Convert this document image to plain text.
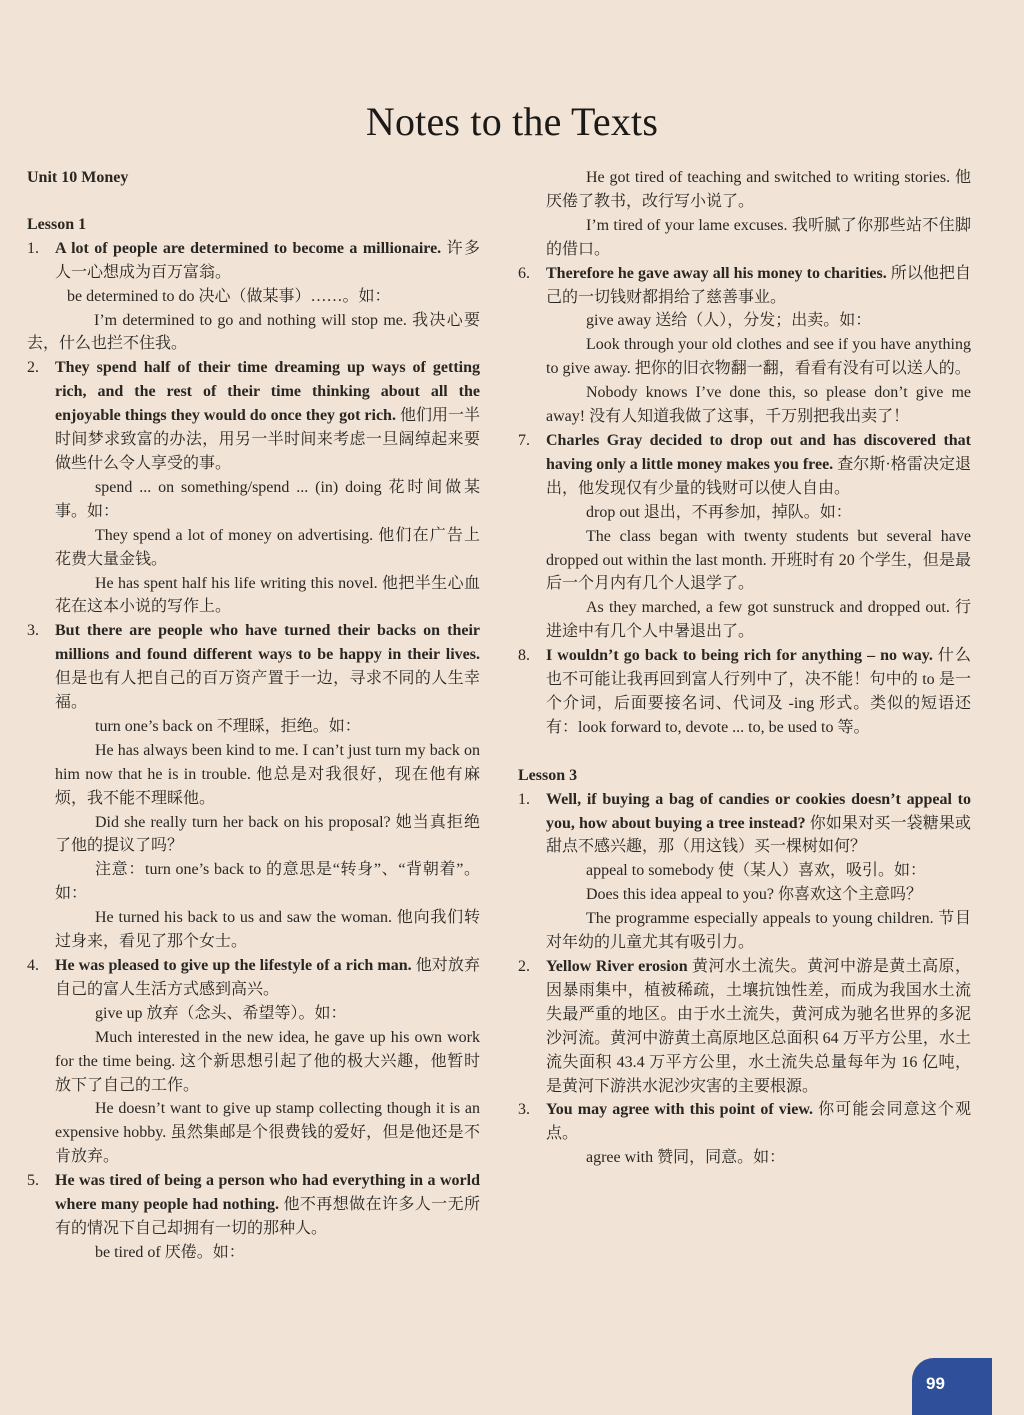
Notes to the Texts

Unit 10 Money

Lesson 1

1. A lot of people are determined to become a millionaire. 许多人一心想成为百万富翁。

be determined to do 决心（做某事）……。如：

I’m determined to go and nothing will stop me. 我决心要去，什么也拦不住我。

2. They spend half of their time dreaming up ways of getting rich, and the rest of their time thinking about all the enjoyable things they would do once they got rich. 他们用一半时间梦求致富的办法，用另一半时间来考虑一旦阔绰起来要做些什么令人享受的事。

spend ... on something/spend ... (in) doing 花时间做某事。如：

They spend a lot of money on advertising. 他们在广告上花费大量金钱。

He has spent half his life writing this novel. 他把半生心血花在这本小说的写作上。

3. But there are people who have turned their backs on their millions and found different ways to be happy in their lives. 但是也有人把自己的百万资产置于一边，寻求不同的人生幸福。

turn one’s back on 不理睬，拒绝。如：

He has always been kind to me. I can’t just turn my back on him now that he is in trouble. 他总是对我很好，现在他有麻烦，我不能不理睬他。

Did she really turn her back on his proposal? 她当真拒绝了他的提议了吗？

注意：turn one’s back to 的意思是“转身”、“背朝着”。如：

He turned his back to us and saw the woman. 他向我们转过身来，看见了那个女士。

4. He was pleased to give up the lifestyle of a rich man. 他对放弃自己的富人生活方式感到高兴。

give up 放弃（念头、希望等）。如：

Much interested in the new idea, he gave up his own work for the time being. 这个新思想引起了他的极大兴趣，他暂时放下了自己的工作。

He doesn’t want to give up stamp collecting though it is an expensive hobby. 虽然集邮是个很费钱的爱好，但是他还是不肯放弃。

5. He was tired of being a person who had everything in a world where many people had nothing. 他不再想做在许多人一无所有的情况下自己却拥有一切的那种人。

be tired of 厌倦。如：

He got tired of teaching and switched to writing stories. 他厌倦了教书，改行写小说了。

I’m tired of your lame excuses. 我听腻了你那些站不住脚的借口。

6. Therefore he gave away all his money to charities. 所以他把自己的一切钱财都捐给了慈善事业。

give away 送给（人），分发；出卖。如：

Look through your old clothes and see if you have anything to give away. 把你的旧衣物翻一翻，看看有没有可以送人的。

Nobody knows I’ve done this, so please don’t give me away! 没有人知道我做了这事，千万别把我出卖了！

7. Charles Gray decided to drop out and has discovered that having only a little money makes you free. 查尔斯·格雷决定退出，他发现仅有少量的钱财可以使人自由。

drop out 退出，不再参加，掉队。如：

The class began with twenty students but several have dropped out within the last month. 开班时有 20 个学生，但是最后一个月内有几个人退学了。

As they marched, a few got sunstruck and dropped out. 行进途中有几个人中暑退出了。

8. I wouldn’t go back to being rich for anything – no way. 什么也不可能让我再回到富人行列中了，决不能！句中的 to 是一个介词，后面要接名词、代词及 -ing 形式。类似的短语还有：look forward to, devote ... to, be used to 等。

Lesson 3

1. Well, if buying a bag of candies or cookies doesn’t appeal to you, how about buying a tree instead? 你如果对买一袋糖果或甜点不感兴趣，那（用这钱）买一棵树如何？

appeal to somebody 使（某人）喜欢，吸引。如：

Does this idea appeal to you? 你喜欢这个主意吗？

The programme especially appeals to young children. 节目对年幼的儿童尤其有吸引力。

2. Yellow River erosion 黄河水土流失。黄河中游是黄土高原，因暴雨集中，植被稀疏，土壤抗蚀性差，而成为我国水土流失最严重的地区。由于水土流失，黄河成为驰名世界的多泥沙河流。黄河中游黄土高原地区总面积 64 万平方公里，水土流失面积 43.4 万平方公里，水土流失总量每年为 16 亿吨，是黄河下游洪水泥沙灾害的主要根源。
3. You may agree with this point of view. 你可能会同意这个观点。

agree with 赞同，同意。如：

99
